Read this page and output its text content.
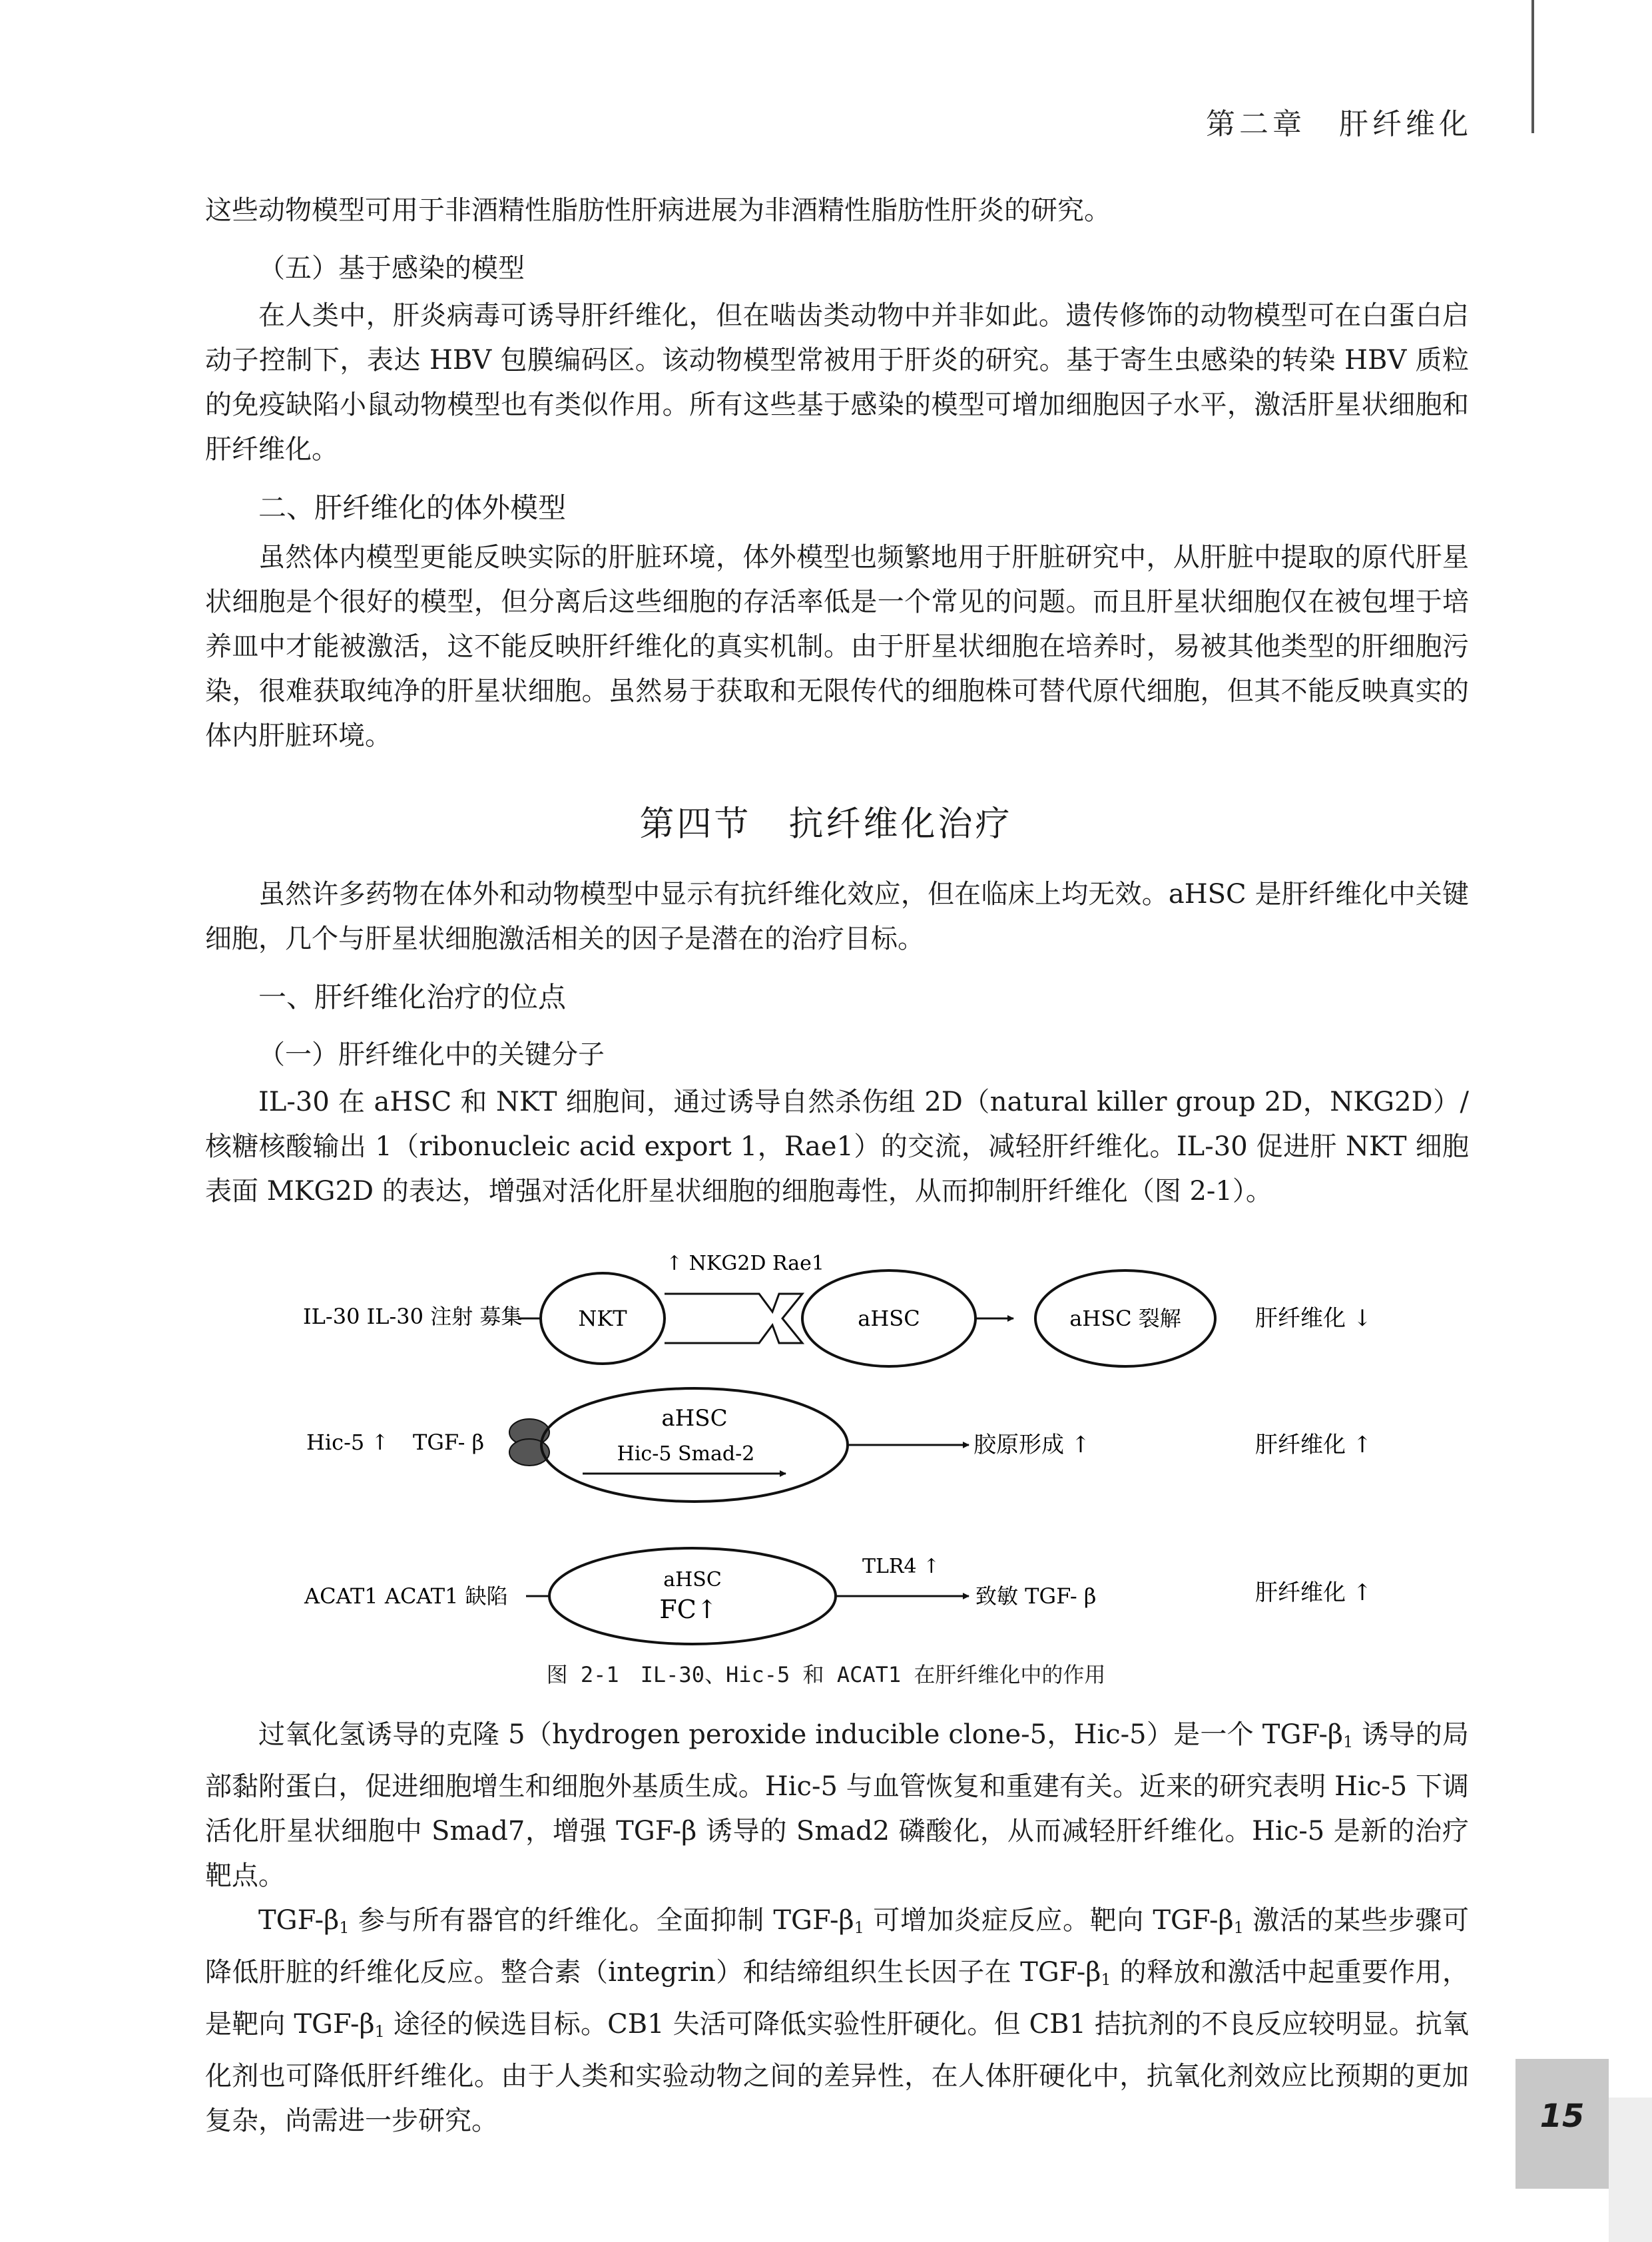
第二章　肝纤维化

这些动物模型可用于非酒精性脂肪性肝病进展为非酒精性脂肪性肝炎的研究。

（五）基于感染的模型

在人类中，肝炎病毒可诱导肝纤维化，但在啮齿类动物中并非如此。遗传修饰的动物模型可在白蛋白启动子控制下，表达 HBV 包膜编码区。该动物模型常被用于肝炎的研究。基于寄生虫感染的转染 HBV 质粒的免疫缺陷小鼠动物模型也有类似作用。所有这些基于感染的模型可增加细胞因子水平，激活肝星状细胞和肝纤维化。

二、肝纤维化的体外模型

虽然体内模型更能反映实际的肝脏环境，体外模型也频繁地用于肝脏研究中，从肝脏中提取的原代肝星状细胞是个很好的模型，但分离后这些细胞的存活率低是一个常见的问题。而且肝星状细胞仅在被包埋于培养皿中才能被激活，这不能反映肝纤维化的真实机制。由于肝星状细胞在培养时，易被其他类型的肝细胞污染，很难获取纯净的肝星状细胞。虽然易于获取和无限传代的细胞株可替代原代细胞，但其不能反映真实的体内肝脏环境。

第四节　抗纤维化治疗

虽然许多药物在体外和动物模型中显示有抗纤维化效应，但在临床上均无效。aHSC 是肝纤维化中关键细胞，几个与肝星状细胞激活相关的因子是潜在的治疗目标。

一、肝纤维化治疗的位点

（一）肝纤维化中的关键分子

IL-30 在 aHSC 和 NKT 细胞间，通过诱导自然杀伤组 2D（natural killer group 2D，NKG2D）/ 核糖核酸输出 1（ribonucleic acid export 1，Rae1）的交流，减轻肝纤维化。IL-30 促进肝 NKT 细胞表面 MKG2D 的表达，增强对活化肝星状细胞的细胞毒性，从而抑制肝纤维化（图 2-1）。

IL-30 IL-30 注射 募集	NKT
↑ NKG2D Rae1
aHSC	aHSC 裂解	肝纤维化 ↓
Hic-5 ↑ TGF- β
aHSC
Hic-5 Smad-2	胶原形成 ↑	肝纤维化 ↑
ACAT1 ACAT1 缺陷
aHSC
FC↑
TLR4 ↑
致敏 TGF- β	肝纤维化 ↑
图 2-1　IL-30、Hic-5 和 ACAT1 在肝纤维化中的作用

过氧化氢诱导的克隆 5（hydrogen peroxide inducible clone-5，Hic-5）是一个 TGF-$\beta_1$ 诱导的局部黏附蛋白，促进细胞增生和细胞外基质生成。Hic-5 与血管恢复和重建有关。近来的研究表明 Hic-5 下调活化肝星状细胞中 Smad7，增强 TGF-β 诱导的 Smad2 磷酸化，从而减轻肝纤维化。Hic-5 是新的治疗靶点。

TGF-$\beta_1$ 参与所有器官的纤维化。全面抑制 TGF-$\beta_1$ 可增加炎症反应。靶向 TGF-$\beta_1$ 激活的某些步骤可降低肝脏的纤维化反应。整合素（integrin）和结缔组织生长因子在 TGF-$\beta_1$ 的释放和激活中起重要作用，是靶向 TGF-$\beta_1$ 途径的候选目标。CB1 失活可降低实验性肝硬化。但 CB1 拮抗剂的不良反应较明显。抗氧化剂也可降低肝纤维化。由于人类和实验动物之间的差异性，在人体肝硬化中，抗氧化剂效应比预期的更加复杂，尚需进一步研究。	15
